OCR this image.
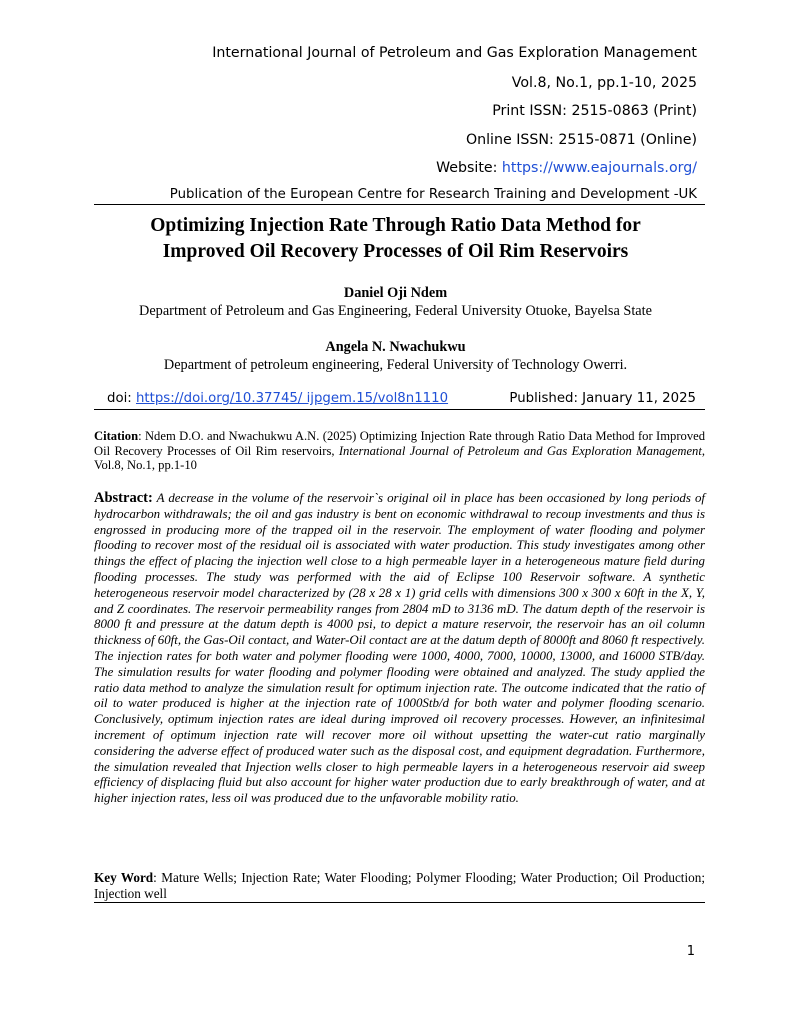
International Journal of Petroleum and Gas Exploration Management
Vol.8, No.1, pp.1-10, 2025
Print ISSN: 2515-0863 (Print)
Online ISSN: 2515-0871 (Online)
Website: https://www.eajournals.org/
Publication of the European Centre for Research Training and Development -UK
Optimizing Injection Rate Through Ratio Data Method for
Improved Oil Recovery Processes of Oil Rim Reservoirs
Daniel Oji Ndem
Department of Petroleum and Gas Engineering, Federal University Otuoke, Bayelsa State
Angela N. Nwachukwu
Department of petroleum engineering, Federal University of Technology Owerri.
doi: https://doi.org/10.37745/ ijpgem.15/vol8n1110	Published: January 11, 2025
Citation: Ndem D.O. and Nwachukwu A.N. (2025) Optimizing Injection Rate through Ratio Data Method for Improved Oil Recovery Processes of Oil Rim reservoirs, International Journal of Petroleum and Gas Exploration Management, Vol.8, No.1, pp.1-10
Abstract: A decrease in the volume of the reservoir`s original oil in place has been occasioned by long periods of hydrocarbon withdrawals; the oil and gas industry is bent on economic withdrawal to recoup investments and thus is engrossed in producing more of the trapped oil in the reservoir. The employment of water flooding and polymer flooding to recover most of the residual oil is associated with water production. This study investigates among other things the effect of placing the injection well close to a high permeable layer in a heterogeneous mature field during flooding processes. The study was performed with the aid of Eclipse 100 Reservoir software. A synthetic heterogeneous reservoir model characterized by (28 x 28 x 1) grid cells with dimensions 300 x 300 x 60ft in the X, Y, and Z coordinates. The reservoir permeability ranges from 2804 mD to 3136 mD. The datum depth of the reservoir is 8000 ft and pressure at the datum depth is 4000 psi, to depict a mature reservoir, the reservoir has an oil column thickness of 60ft, the Gas-Oil contact, and Water-Oil contact are at the datum depth of 8000ft and 8060 ft respectively. The injection rates for both water and polymer flooding were 1000, 4000, 7000, 10000, 13000, and 16000 STB/day. The simulation results for water flooding and polymer flooding were obtained and analyzed. The study applied the ratio data method to analyze the simulation result for optimum injection rate. The outcome indicated that the ratio of oil to water produced is higher at the injection rate of 1000Stb/d for both water and polymer flooding scenario. Conclusively, optimum injection rates are ideal during improved oil recovery processes. However, an infinitesimal increment of optimum injection rate will recover more oil without upsetting the water-cut ratio marginally considering the adverse effect of produced water such as the disposal cost, and equipment degradation. Furthermore, the simulation revealed that Injection wells closer to high permeable layers in a heterogeneous reservoir aid sweep efficiency of displacing fluid but also account for higher water production due to early breakthrough of water, and at higher injection rates, less oil was produced due to the unfavorable mobility ratio.
Key Word: Mature Wells; Injection Rate; Water Flooding; Polymer Flooding; Water Production; Oil Production; Injection well
1
